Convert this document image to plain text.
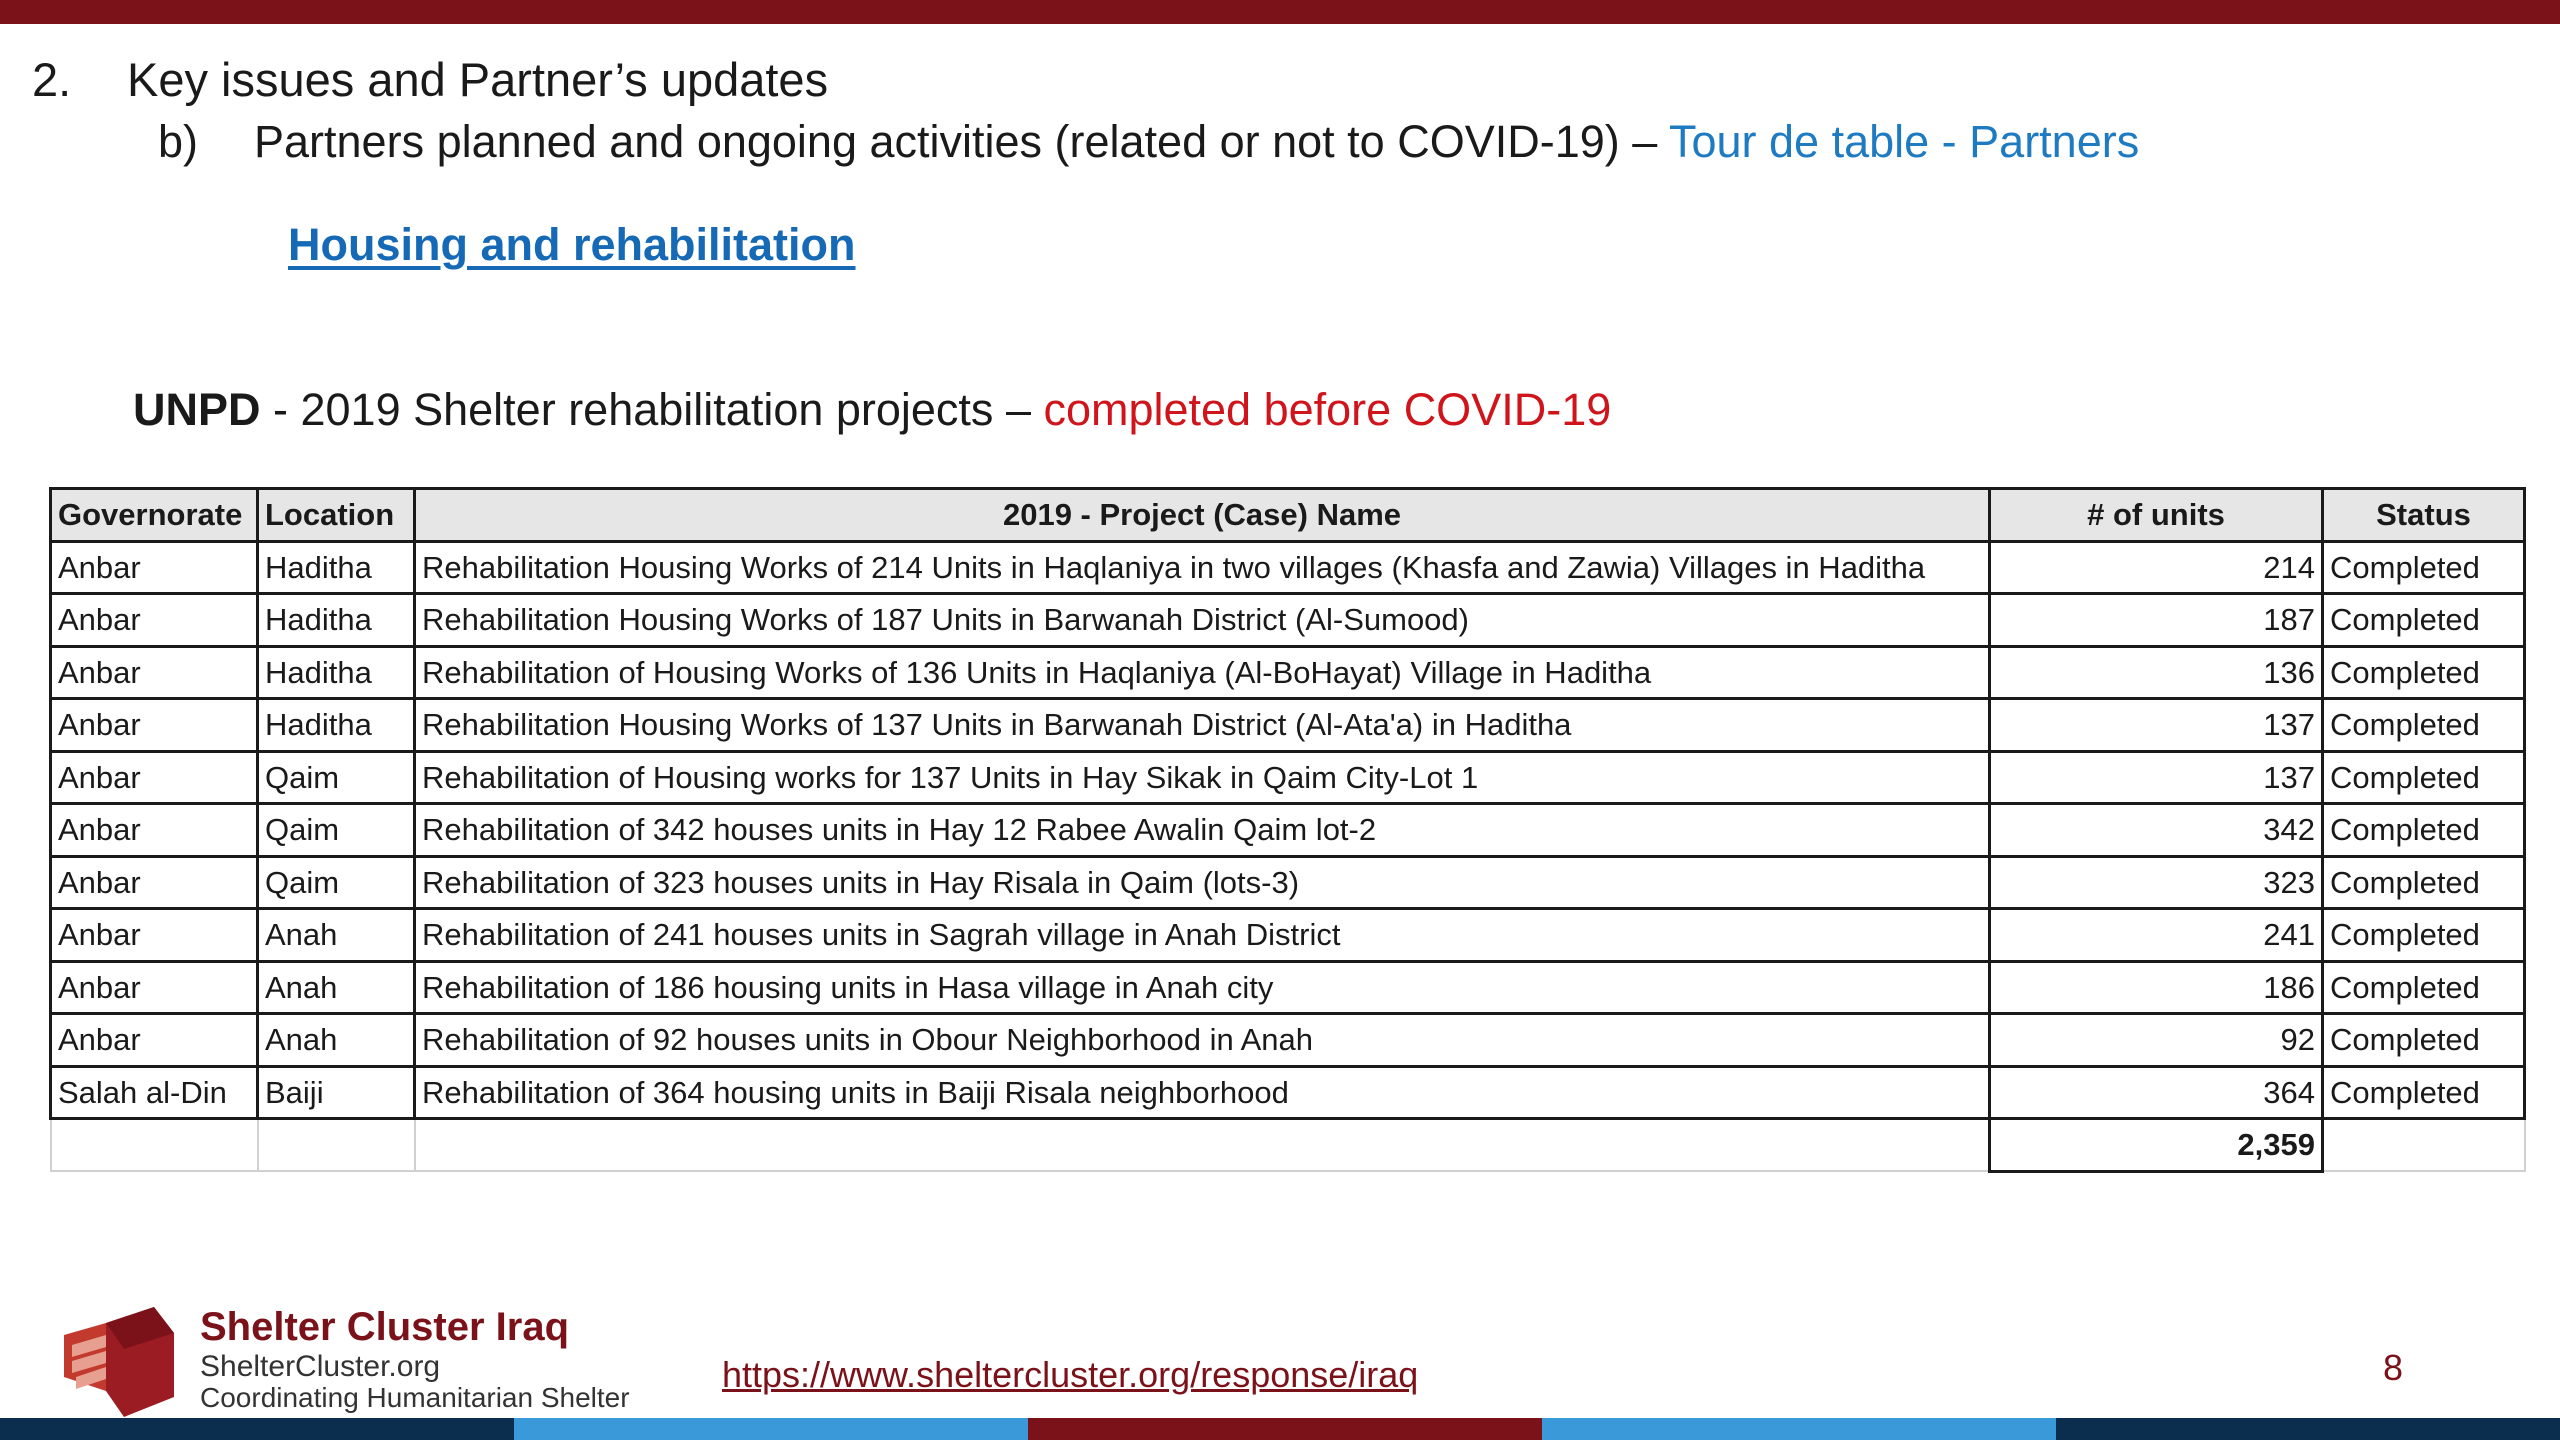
2. Key issues and Partner’s updates
b) Partners planned and ongoing activities (related or not to COVID-19) – Tour de table - Partners
Housing and rehabilitation
UNPD - 2019 Shelter rehabilitation projects – completed before COVID-19
Governorate	Location	2019 - Project (Case) Name	# of units	Status
Anbar	Haditha	Rehabilitation Housing Works of 214 Units in Haqlaniya in two villages (Khasfa and Zawia) Villages in Haditha	214	Completed
Anbar	Haditha	Rehabilitation Housing Works of 187 Units in Barwanah District (Al-Sumood)	187	Completed
Anbar	Haditha	Rehabilitation of Housing Works of 136 Units in Haqlaniya (Al-BoHayat) Village in Haditha	136	Completed
Anbar	Haditha	Rehabilitation Housing Works of 137 Units in Barwanah District (Al-Ata'a) in Haditha	137	Completed
Anbar	Qaim	Rehabilitation of Housing works for 137 Units in Hay Sikak in Qaim City-Lot 1	137	Completed
Anbar	Qaim	Rehabilitation of 342 houses units in Hay 12 Rabee Awalin Qaim lot-2	342	Completed
Anbar	Qaim	Rehabilitation of 323 houses units in Hay Risala in Qaim (lots-3)	323	Completed
Anbar	Anah	Rehabilitation of 241 houses units in Sagrah village in Anah District	241	Completed
Anbar	Anah	Rehabilitation of 186 housing units in Hasa village in Anah city	186	Completed
Anbar	Anah	Rehabilitation of 92 houses units in Obour Neighborhood in Anah	92	Completed
Salah al-Din	Baiji	Rehabilitation of 364 housing units in Baiji Risala neighborhood	364	Completed
			2,359	
Shelter Cluster Iraq
ShelterCluster.org
Coordinating Humanitarian Shelter
https://www.sheltercluster.org/response/iraq	8
